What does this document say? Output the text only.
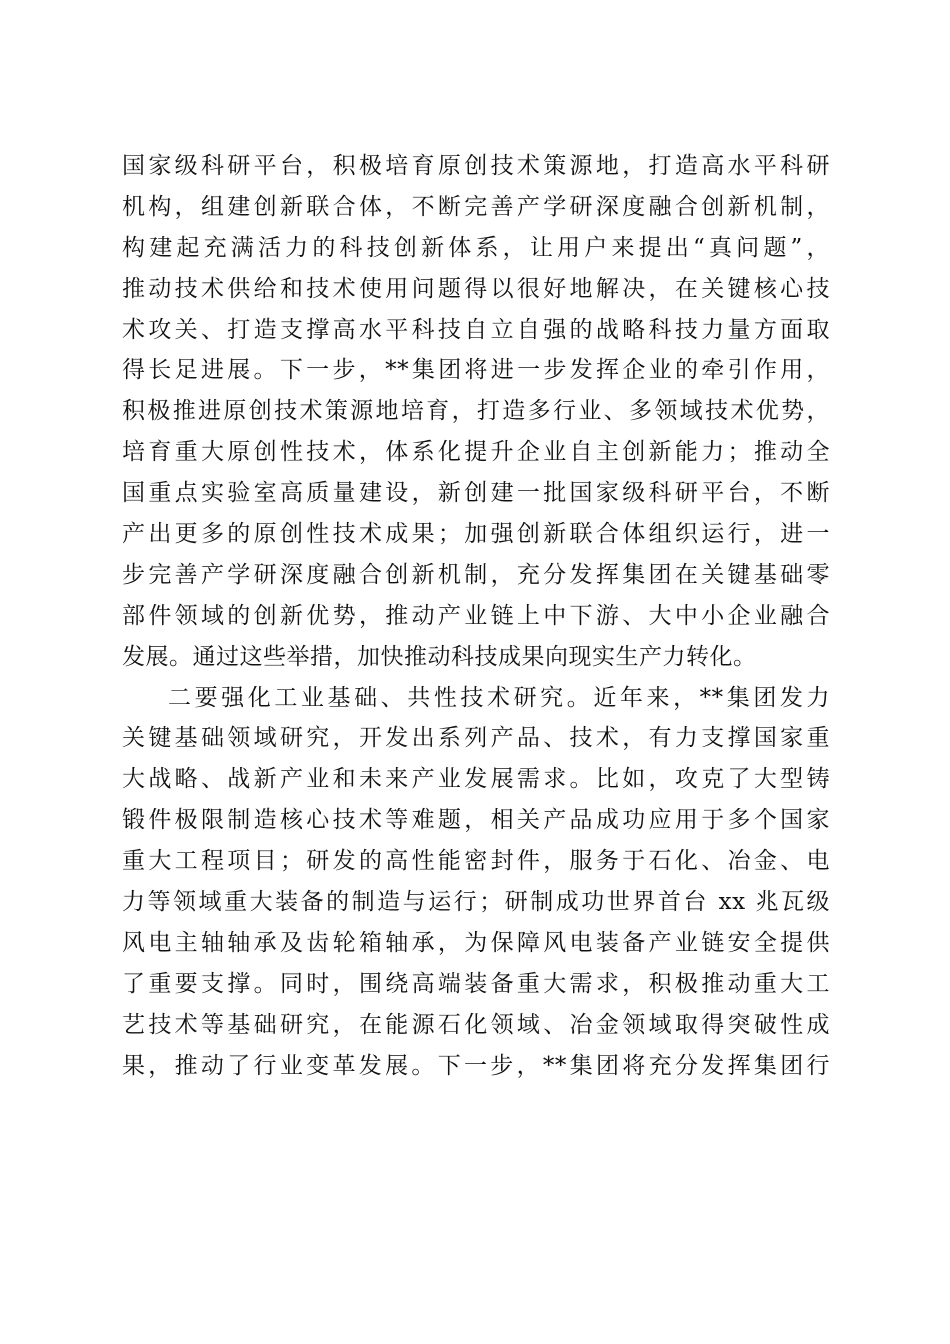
国家级科研平台，积极培育原创技术策源地，打造高水平科研
机构，组建创新联合体，不断完善产学研深度融合创新机制，
构建起充满活力的科技创新体系，让用户来提出“真问题”，
推动技术供给和技术使用问题得以很好地解决，在关键核心技
术攻关、打造支撑高水平科技自立自强的战略科技力量方面取
得长足进展。下一步，**集团将进一步发挥企业的牵引作用，
积极推进原创技术策源地培育，打造多行业、多领域技术优势，
培育重大原创性技术，体系化提升企业自主创新能力；推动全
国重点实验室高质量建设，新创建一批国家级科研平台，不断
产出更多的原创性技术成果；加强创新联合体组织运行，进一
步完善产学研深度融合创新机制，充分发挥集团在关键基础零
部件领域的创新优势，推动产业链上中下游、大中小企业融合
发展。通过这些举措，加快推动科技成果向现实生产力转化。
二要强化工业基础、共性技术研究。近年来，**集团发力
关键基础领域研究，开发出系列产品、技术，有力支撑国家重
大战略、战新产业和未来产业发展需求。比如，攻克了大型铸
锻件极限制造核心技术等难题，相关产品成功应用于多个国家
重大工程项目；研发的高性能密封件，服务于石化、冶金、电
力等领域重大装备的制造与运行；研制成功世界首台 xx 兆瓦级
风电主轴轴承及齿轮箱轴承，为保障风电装备产业链安全提供
了重要支撑。同时，围绕高端装备重大需求，积极推动重大工
艺技术等基础研究，在能源石化领域、冶金领域取得突破性成
果，推动了行业变革发展。下一步，**集团将充分发挥集团行
